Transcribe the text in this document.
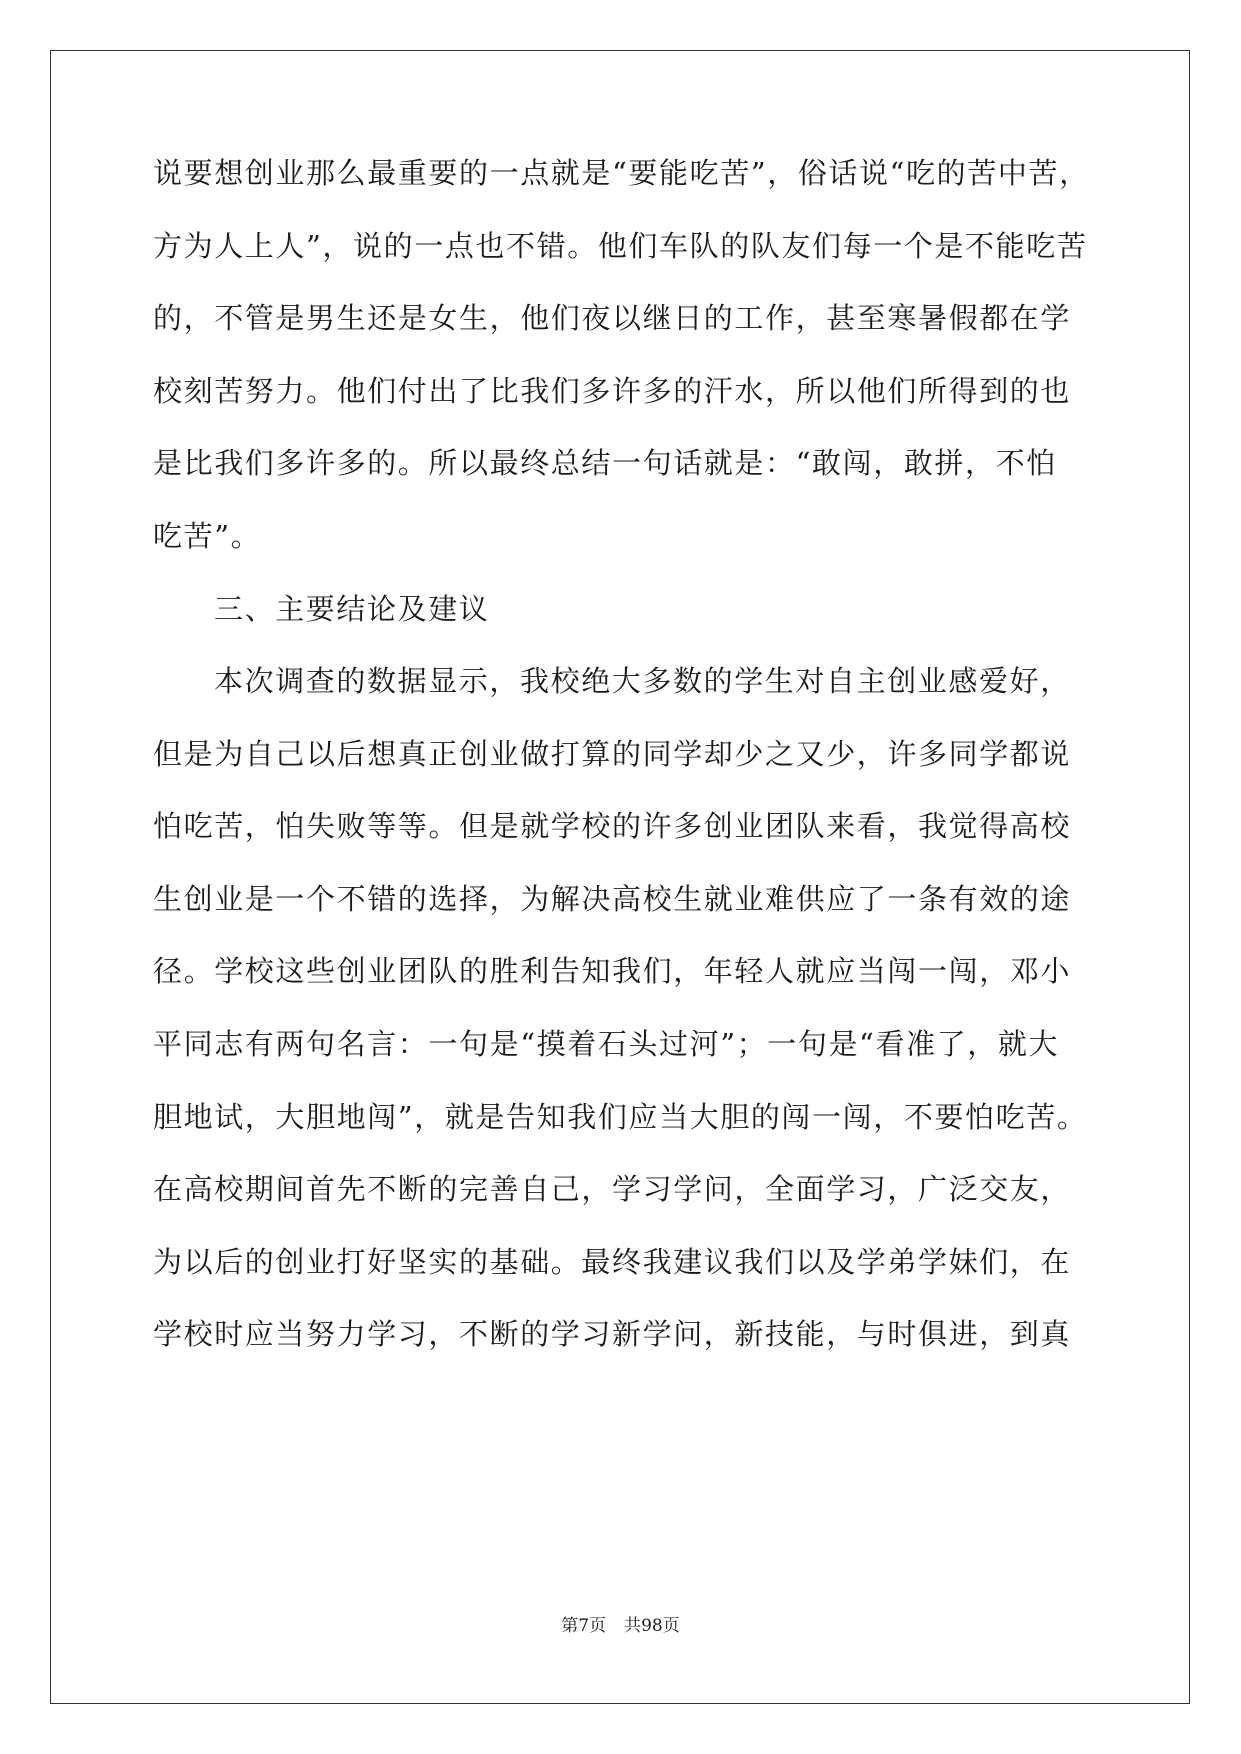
说要想创业那么最重要的一点就是“要能吃苦”，俗话说“吃的苦中苦，
方为人上人”，说的一点也不错。他们车队的队友们每一个是不能吃苦
的，不管是男生还是女生，他们夜以继日的工作，甚至寒暑假都在学
校刻苦努力。他们付出了比我们多许多的汗水，所以他们所得到的也
是比我们多许多的。所以最终总结一句话就是：“敢闯，敢拼，不怕
吃苦”。
三、主要结论及建议
本次调查的数据显示，我校绝大多数的学生对自主创业感爱好，
但是为自己以后想真正创业做打算的同学却少之又少，许多同学都说
怕吃苦，怕失败等等。但是就学校的许多创业团队来看，我觉得高校
生创业是一个不错的选择，为解决高校生就业难供应了一条有效的途
径。学校这些创业团队的胜利告知我们，年轻人就应当闯一闯，邓小
平同志有两句名言：一句是“摸着石头过河”；一句是“看准了，就大
胆地试，大胆地闯”，就是告知我们应当大胆的闯一闯，不要怕吃苦。
在高校期间首先不断的完善自己，学习学问，全面学习，广泛交友，
为以后的创业打好坚实的基础。最终我建议我们以及学弟学妹们，在
学校时应当努力学习，不断的学习新学问，新技能，与时俱进，到真
第7页 共98页
